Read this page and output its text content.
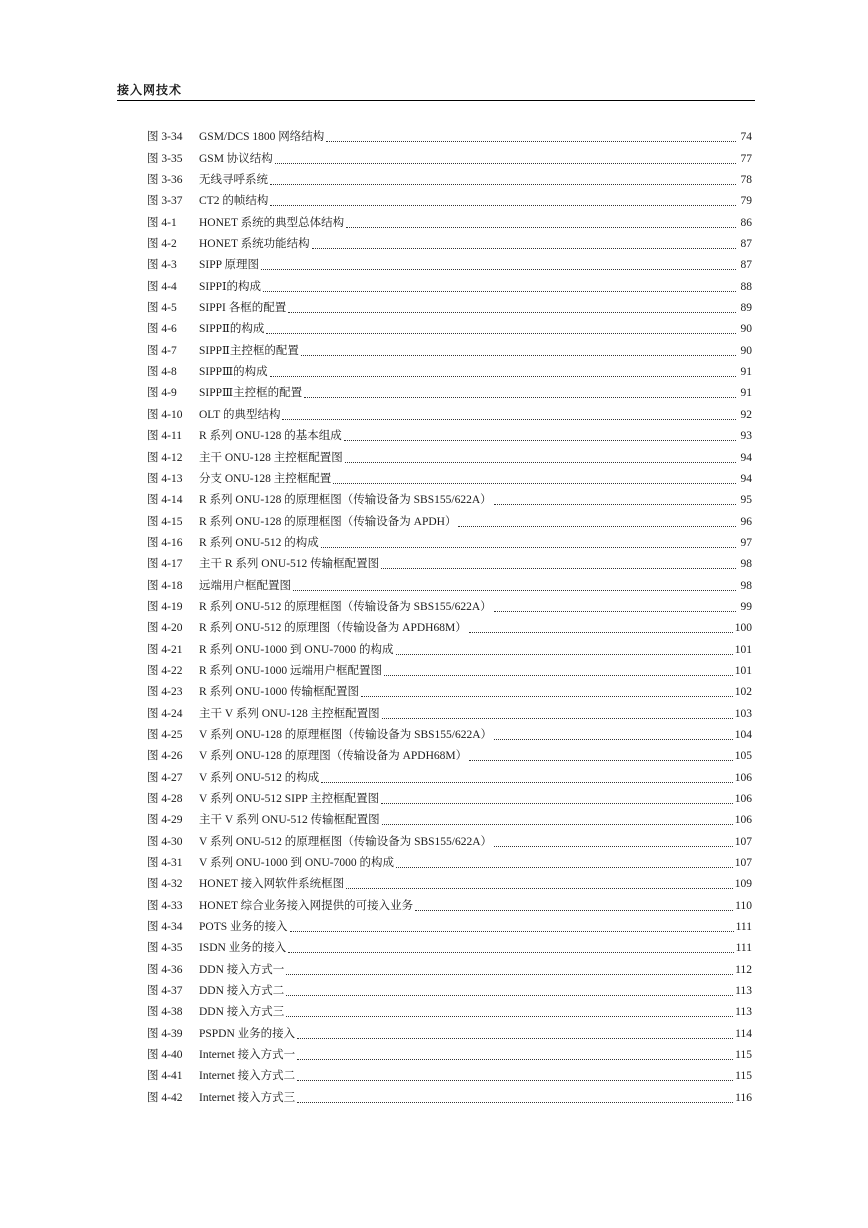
接入网技术
图 3-34	GSM/DCS 1800 网络结构	74
图 3-35	GSM 协议结构	77
图 3-36	无线寻呼系统	78
图 3-37	CT2 的帧结构	79
图 4-1	HONET 系统的典型总体结构	86
图 4-2	HONET 系统功能结构	87
图 4-3	SIPP 原理图	87
图 4-4	SIPPⅠ的构成	88
图 4-5	SIPPI 各框的配置	89
图 4-6	SIPPⅡ的构成	90
图 4-7	SIPPⅡ主控框的配置	90
图 4-8	SIPPⅢ的构成	91
图 4-9	SIPPⅢ主控框的配置	91
图 4-10	OLT 的典型结构	92
图 4-11	R 系列 ONU-128 的基本组成	93
图 4-12	主干 ONU-128 主控框配置图	94
图 4-13	分支 ONU-128 主控框配置	94
图 4-14	R 系列 ONU-128 的原理框图（传输设备为 SBS155/622A）	95
图 4-15	R 系列 ONU-128 的原理框图（传输设备为 APDH）	96
图 4-16	R 系列 ONU-512 的构成	97
图 4-17	主干 R 系列 ONU-512 传输框配置图	98
图 4-18	远端用户框配置图	98
图 4-19	R 系列 ONU-512 的原理框图（传输设备为 SBS155/622A）	99
图 4-20	R 系列 ONU-512 的原理图（传输设备为 APDH68M）	100
图 4-21	R 系列 ONU-1000 到 ONU-7000 的构成	101
图 4-22	R 系列 ONU-1000 远端用户框配置图	101
图 4-23	R 系列 ONU-1000 传输框配置图	102
图 4-24	主干 V 系列 ONU-128 主控框配置图	103
图 4-25	V 系列 ONU-128 的原理框图（传输设备为 SBS155/622A）	104
图 4-26	V 系列 ONU-128 的原理图（传输设备为 APDH68M）	105
图 4-27	V 系列 ONU-512 的构成	106
图 4-28	V 系列 ONU-512 SIPP 主控框配置图	106
图 4-29	主干 V 系列 ONU-512 传输框配置图	106
图 4-30	V 系列 ONU-512 的原理框图（传输设备为 SBS155/622A）	107
图 4-31	V 系列 ONU-1000 到 ONU-7000 的构成	107
图 4-32	HONET 接入网软件系统框图	109
图 4-33	HONET 综合业务接入网提供的可接入业务	110
图 4-34	POTS 业务的接入	111
图 4-35	ISDN 业务的接入	111
图 4-36	DDN 接入方式一	112
图 4-37	DDN 接入方式二	113
图 4-38	DDN 接入方式三	113
图 4-39	PSPDN 业务的接入	114
图 4-40	Internet 接入方式一	115
图 4-41	Internet 接入方式二	115
图 4-42	Internet 接入方式三	116
